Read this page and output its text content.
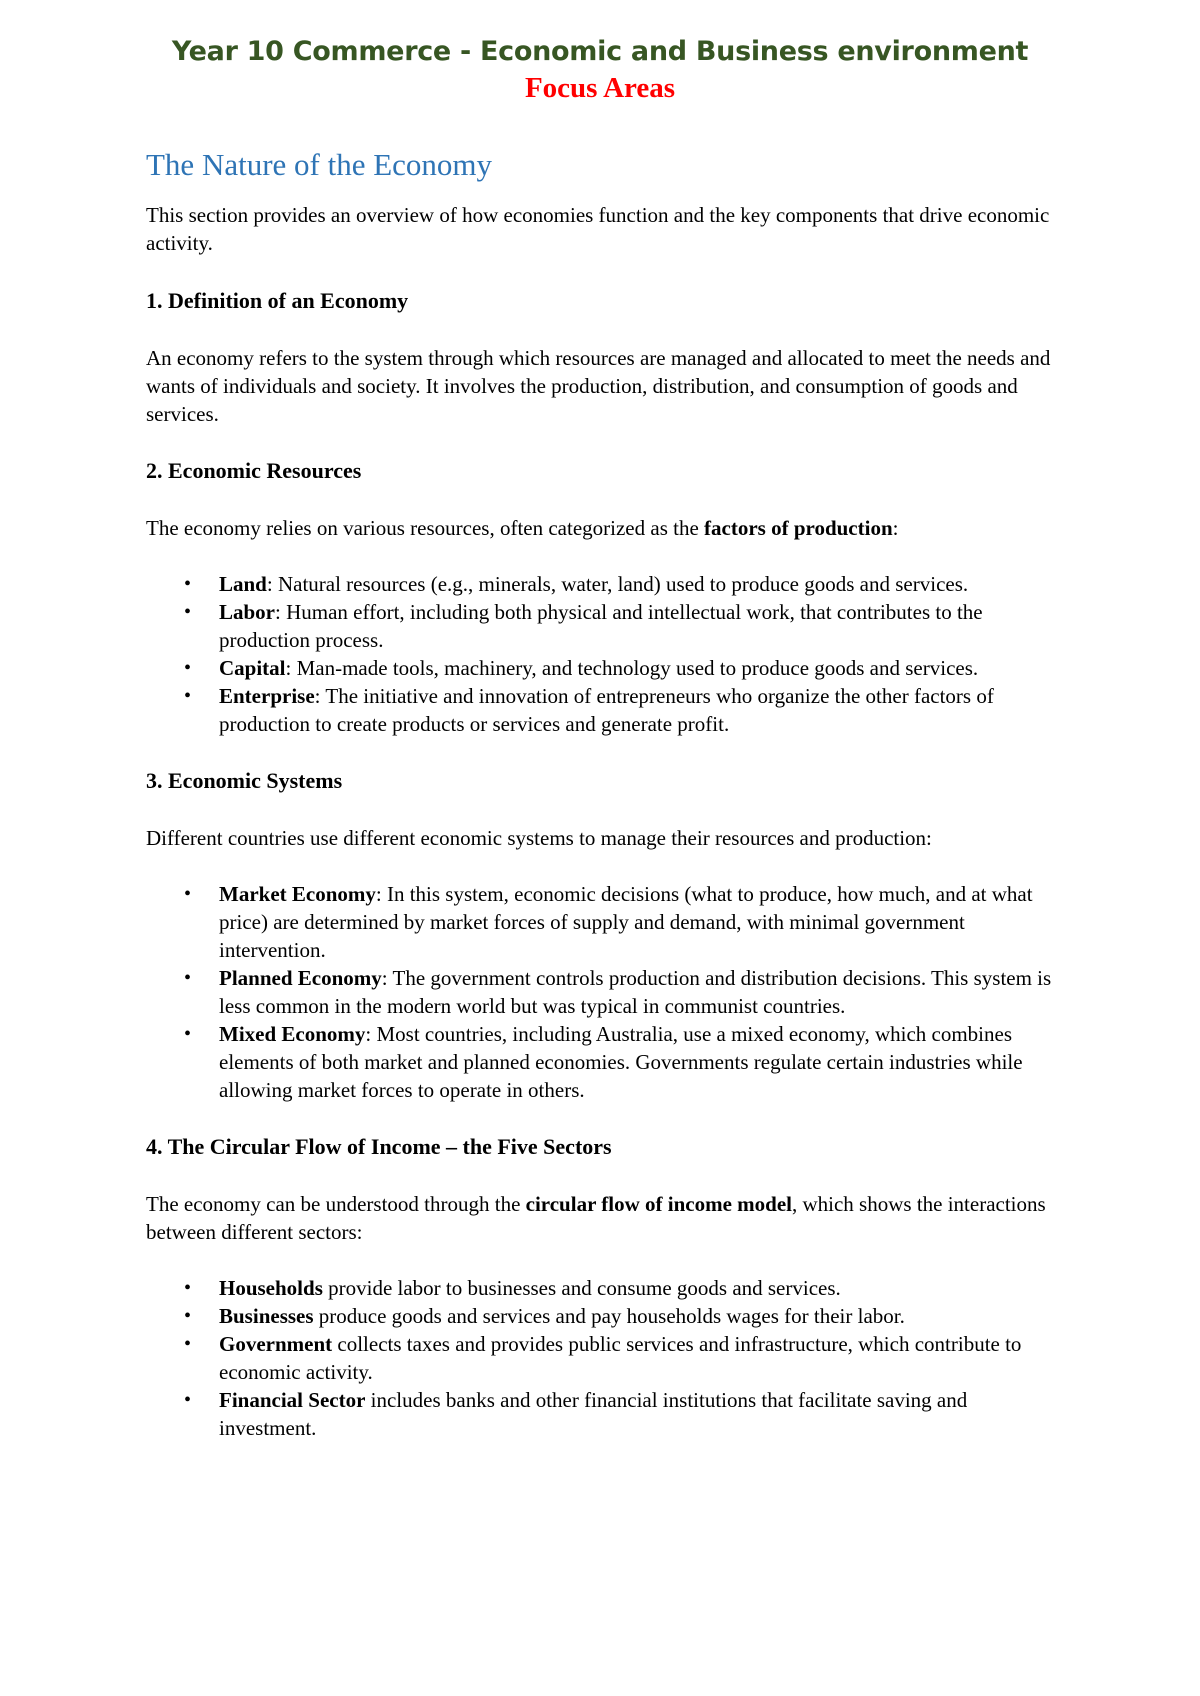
Year 10 Commerce - Economic and Business environment
Focus Areas
The Nature of the Economy

This section provides an overview of how economies function and the key components that drive economic activity.

1. Definition of an Economy

An economy refers to the system through which resources are managed and allocated to meet the needs and wants of individuals and society. It involves the production, distribution, and consumption of goods and services.

2. Economic Resources

The economy relies on various resources, often categorized as the factors of production:

• Land: Natural resources (e.g., minerals, water, land) used to produce goods and services.
• Labor: Human effort, including both physical and intellectual work, that contributes to the production process.
• Capital: Man-made tools, machinery, and technology used to produce goods and services.
• Enterprise: The initiative and innovation of entrepreneurs who organize the other factors of production to create products or services and generate profit.
3. Economic Systems

Different countries use different economic systems to manage their resources and production:

• Market Economy: In this system, economic decisions (what to produce, how much, and at what price) are determined by market forces of supply and demand, with minimal government intervention.
• Planned Economy: The government controls production and distribution decisions. This system is less common in the modern world but was typical in communist countries.
• Mixed Economy: Most countries, including Australia, use a mixed economy, which combines elements of both market and planned economies. Governments regulate certain industries while allowing market forces to operate in others.
4. The Circular Flow of Income – the Five Sectors

The economy can be understood through the circular flow of income model, which shows the interactions between different sectors:

• Households provide labor to businesses and consume goods and services.
• Businesses produce goods and services and pay households wages for their labor.
• Government collects taxes and provides public services and infrastructure, which contribute to economic activity.
• Financial Sector includes banks and other financial institutions that facilitate saving and investment.
